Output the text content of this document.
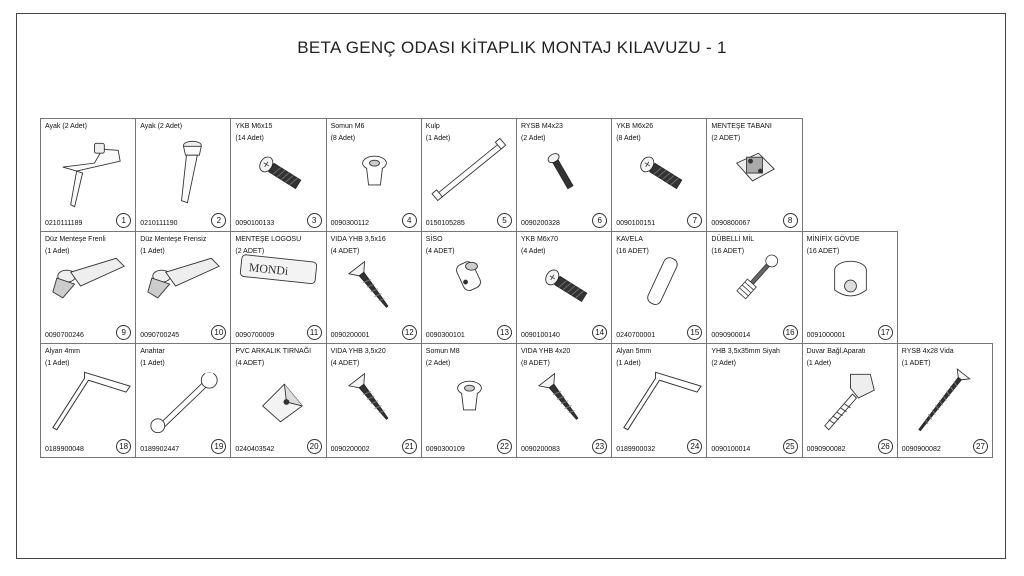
BETA GENÇ ODASI KİTAPLIK MONTAJ KILAVUZU - 1
Ayak (2 Adet)
0210111189	1
Ayak (2 Adet)
0210111190	2
YKB M6x15
(14 Adet)
0090100133	3
Somun M6
(8 Adet)
0090300112	4
Kulp
(1 Adet)
0150105285	5
RYSB M4x23
(2 Adet)
0090200328	6
YKB M6x26
(8 Adet)
0090100151	7
MENTEŞE TABANI
(2 ADET)
0090800067	8
Düz Menteşe Frenli
(1 Adet)
0090700246	9
Düz Menteşe Frensiz
(1 Adet)
0090700245	10
MONDi
MENTEŞE LOGOSU
(2 ADET)
0090700009	11
VIDA YHB 3,5x16
(4 ADET)
0090200001	12
SİSO
(4 ADET)
0090300101	13
YKB M6x70
(4 Adet)
0090100140	14
KAVELA
(16 ADET)
0240700001	15
DÜBELLİ MİL
(16 ADET)
0090900014	16
MİNİFİX GÖVDE
(16 ADET)
0091000001	17
Alyan 4mm
(1 Adet)
0189900048	18
Anahtar
(1 Adet)
0189902447	19
PVC ARKALIK TIRNAĞI
(4 ADET)
0240403542	20
VIDA YHB 3,5x20
(4 ADET)
0090200002	21
Somun M8
(2 Adet)
0090300109	22
VIDA YHB 4x20
(8 ADET)
0090200083	23
Alyan 5mm
(1 Adet)
0189900032	24
YHB 3,5x35mm Siyah
(2 Adet)
0090100014	25
Duvar Bağl.Aparatı
(1 Adet)
0090900082	26
RYSB 4x28 Vida
(1 ADET)
0090900082	27
